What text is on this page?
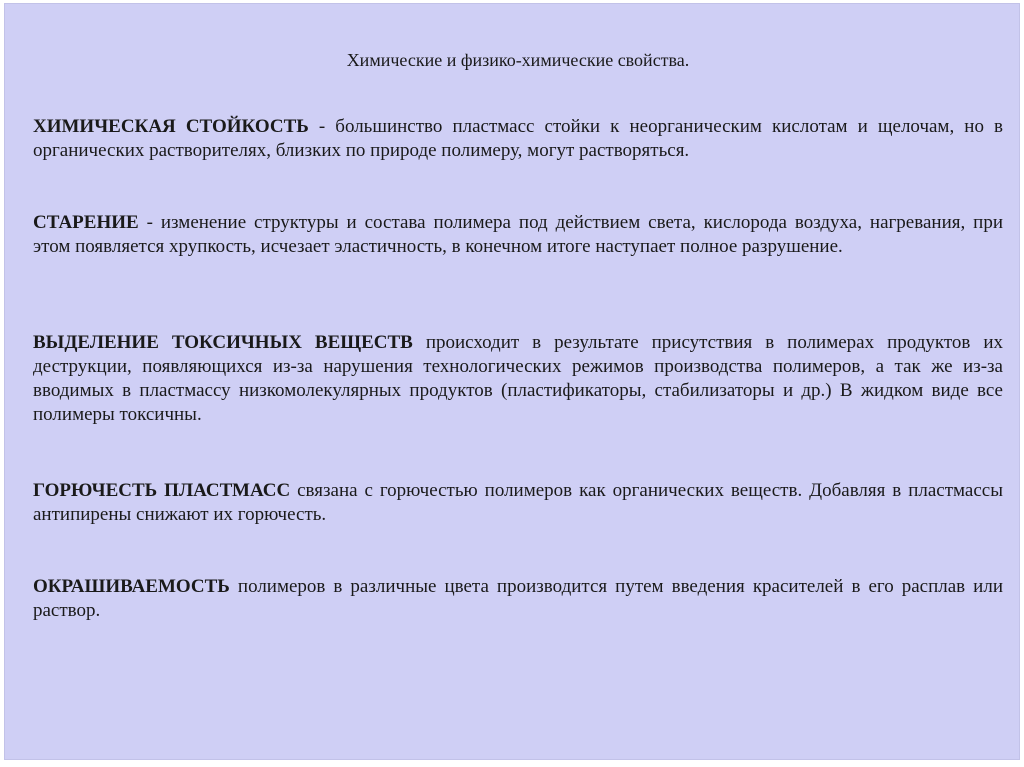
Химические и физико-химические свойства.

ХИМИЧЕСКАЯ СТОЙКОСТЬ - большинство пластмасс стойки к неорганическим кислотам и щелочам, но в органических растворителях, близких по природе полимеру, могут растворяться.

СТАРЕНИЕ - изменение структуры и состава полимера под действием света, кислорода воздуха, нагревания, при этом появляется хрупкость, исчезает эластичность, в конечном итоге наступает полное разрушение.

ВЫДЕЛЕНИЕ ТОКСИЧНЫХ ВЕЩЕСТВ происходит в результате присутствия в полимерах продуктов их деструкции, появляющихся из-за нарушения технологических режимов производства полимеров, а так же из-за вводимых в пластмассу низкомолекулярных продуктов (пластификаторы, стабилизаторы и др.) В жидком виде все полимеры токсичны.

ГОРЮЧЕСТЬ ПЛАСТМАСС связана с горючестью полимеров как органических веществ. Добавляя в пластмассы антипирены снижают их горючесть.

ОКРАШИВАЕМОСТЬ полимеров в различные цвета производится путем введения красителей в его расплав или раствор.
